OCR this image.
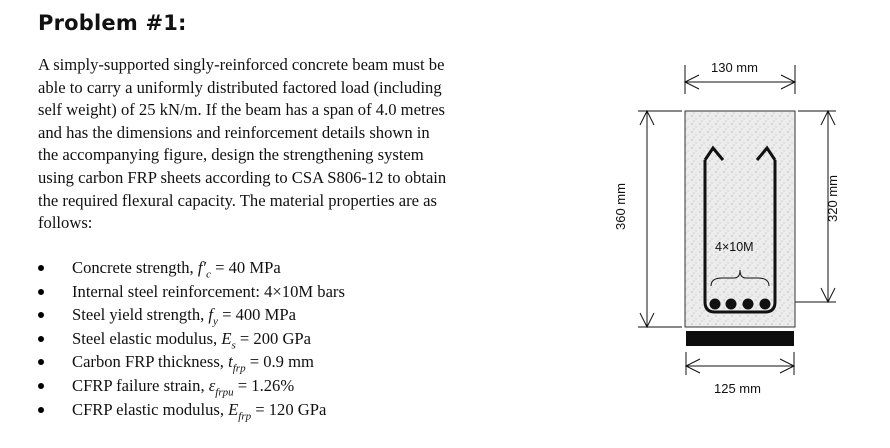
Problem #1:
A simply-supported singly-reinforced concrete beam must be
able to carry a uniformly distributed factored load (including
self weight) of 25 kN/m. If the beam has a span of 4.0 metres
and has the dimensions and reinforcement details shown in
the accompanying figure, design the strengthening system
using carbon FRP sheets according to CSA S806-12 to obtain
the required flexural capacity. The material properties are as
follows:
Concrete strength, $f'_c = 40$ MPa
Internal steel reinforcement: 4×10M bars
Steel yield strength, $f_y = 400$ MPa
Steel elastic modulus, $E_s = 200$ GPa
Carbon FRP thickness, $t_{frp} = 0.9$ mm
CFRP failure strain, $\varepsilon_{frpu} = 1.26\%$
CFRP elastic modulus, $E_{frp} = 120$ GPa
130 mm
4×10M
125 mm
360 mm	320 mm
